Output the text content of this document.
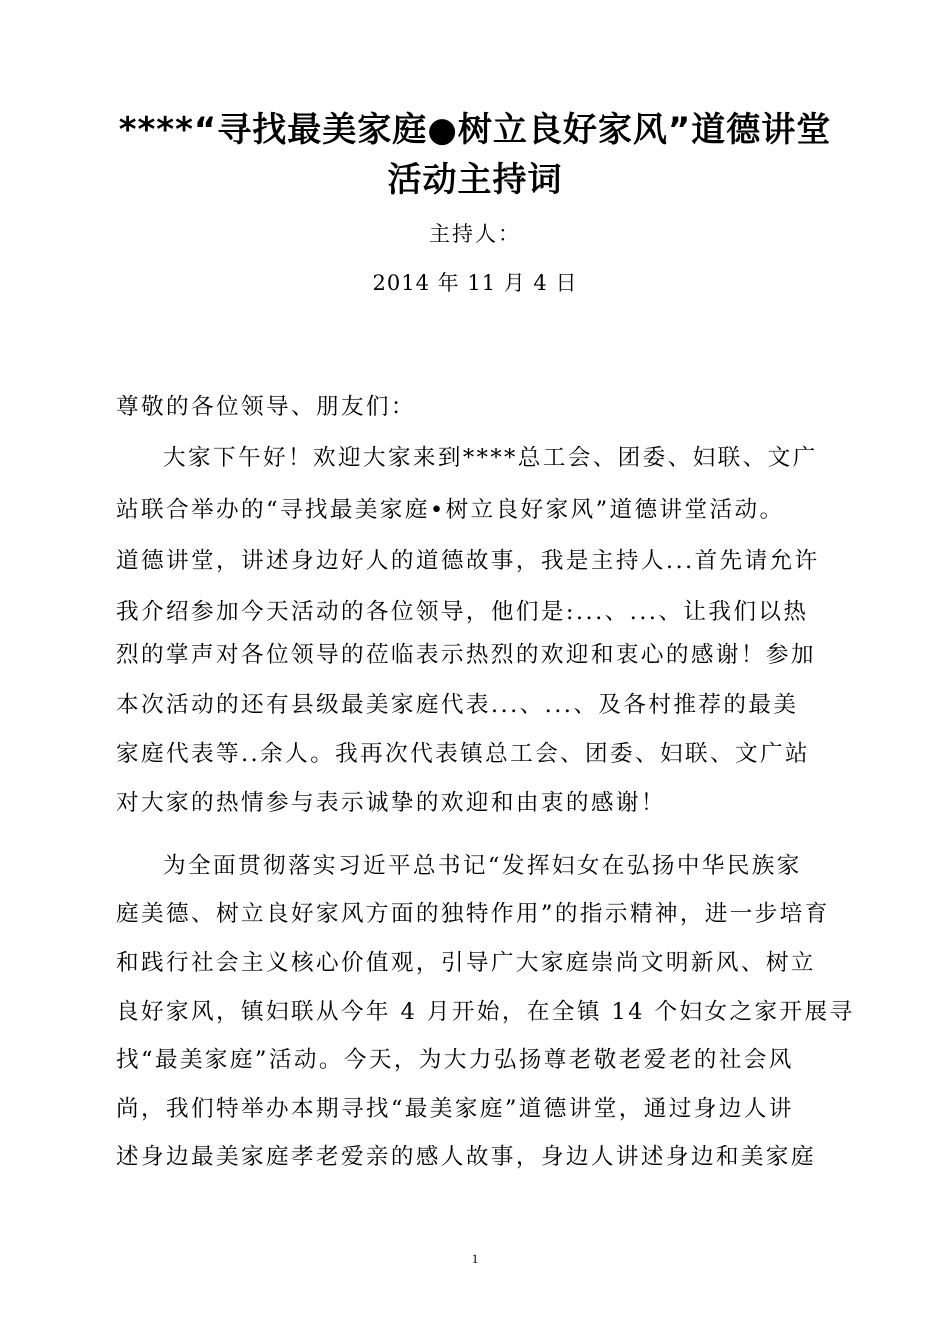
****“寻找最美家庭●树立良好家风”道德讲堂
活动主持词
主持人：
2014 年 11 月 4 日
尊敬的各位领导、朋友们：
大家下午好！欢迎大家来到****总工会、团委、妇联、文广
站联合举办的“寻找最美家庭•树立良好家风”道德讲堂活动。
道德讲堂，讲述身边好人的道德故事，我是主持人...首先请允许
我介绍参加今天活动的各位领导，他们是:...、...、让我们以热
烈的掌声对各位领导的莅临表示热烈的欢迎和衷心的感谢！参加
本次活动的还有县级最美家庭代表...、...、及各村推荐的最美
家庭代表等..余人。我再次代表镇总工会、团委、妇联、文广站
对大家的热情参与表示诚挚的欢迎和由衷的感谢！
为全面贯彻落实习近平总书记“发挥妇女在弘扬中华民族家
庭美德、树立良好家风方面的独特作用”的指示精神，进一步培育
和践行社会主义核心价值观，引导广大家庭崇尚文明新风、树立
良好家风，镇妇联从今年 4 月开始，在全镇 14 个妇女之家开展寻
找“最美家庭”活动。今天，为大力弘扬尊老敬老爱老的社会风
尚，我们特举办本期寻找“最美家庭”道德讲堂，通过身边人讲
述身边最美家庭孝老爱亲的感人故事，身边人讲述身边和美家庭
1
